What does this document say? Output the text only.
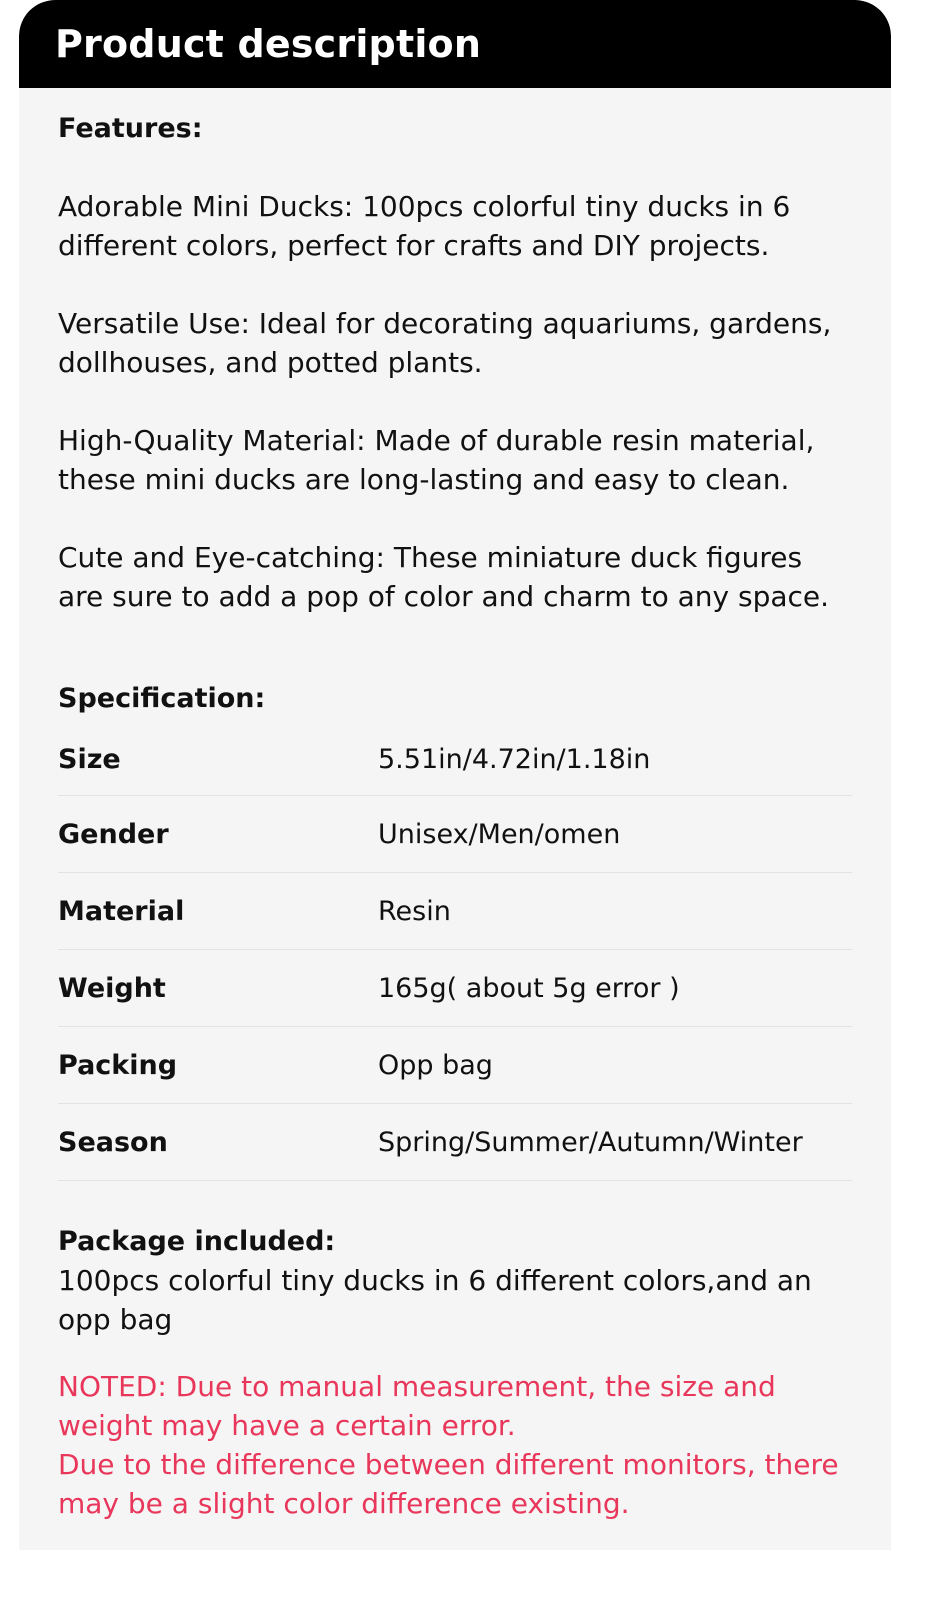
Product description

Features:

Adorable Mini Ducks: 100pcs colorful tiny ducks in 6 different colors, perfect for crafts and DIY projects.

Versatile Use: Ideal for decorating aquariums, gardens, dollhouses, and potted plants.

High-Quality Material: Made of durable resin material, these mini ducks are long-lasting and easy to clean.

Cute and Eye-catching: These miniature duck figures are sure to add a pop of color and charm to any space.

Specification:

Size	5.51in/4.72in/1.18in
Gender	Unisex/Men/omen
Material	Resin
Weight	165g( about 5g error )
Packing	Opp bag
Season	Spring/Summer/Autumn/Winter

Package included:

100pcs colorful tiny ducks in 6 different colors,and an opp bag

NOTED: Due to manual measurement, the size and weight may have a certain error.

Due to the difference between different monitors, there may be a slight color difference existing.
